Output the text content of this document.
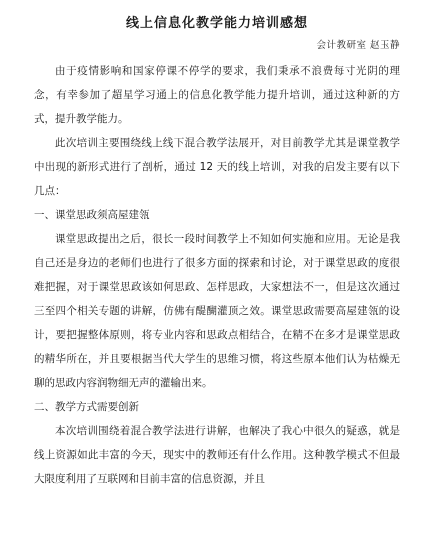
线上信息化教学能力培训感想
会计教研室 赵玉静

由于疫情影响和国家停课不停学的要求，我们秉承不浪费每寸光阴的理念，有幸参加了超星学习通上的信息化教学能力提升培训，通过这种新的方式，提升教学能力。

此次培训主要围绕线上线下混合教学法展开，对目前教学尤其是课堂教学中出现的新形式进行了剖析，通过 12 天的线上培训，对我的启发主要有以下几点：

一、课堂思政须高屋建瓴

课堂思政提出之后，很长一段时间教学上不知如何实施和应用。无论是我自己还是身边的老师们也进行了很多方面的探索和讨论，对于课堂思政的度很难把握，对于课堂思政该如何思政、怎样思政，大家想法不一，但是这次通过三至四个相关专题的讲解，仿佛有醍醐灌顶之效。课堂思政需要高屋建瓴的设计，要把握整体原则，将专业内容和思政点相结合，在精不在多才是课堂思政的精华所在，并且要根据当代大学生的思维习惯，将这些原本他们认为枯燥无聊的思政内容润物细无声的灌输出来。

二、教学方式需要创新

本次培训围绕着混合教学法进行讲解，也解决了我心中很久的疑惑，就是线上资源如此丰富的今天，现实中的教师还有什么作用。这种教学模式不但最大限度利用了互联网和目前丰富的信息资源，并且
